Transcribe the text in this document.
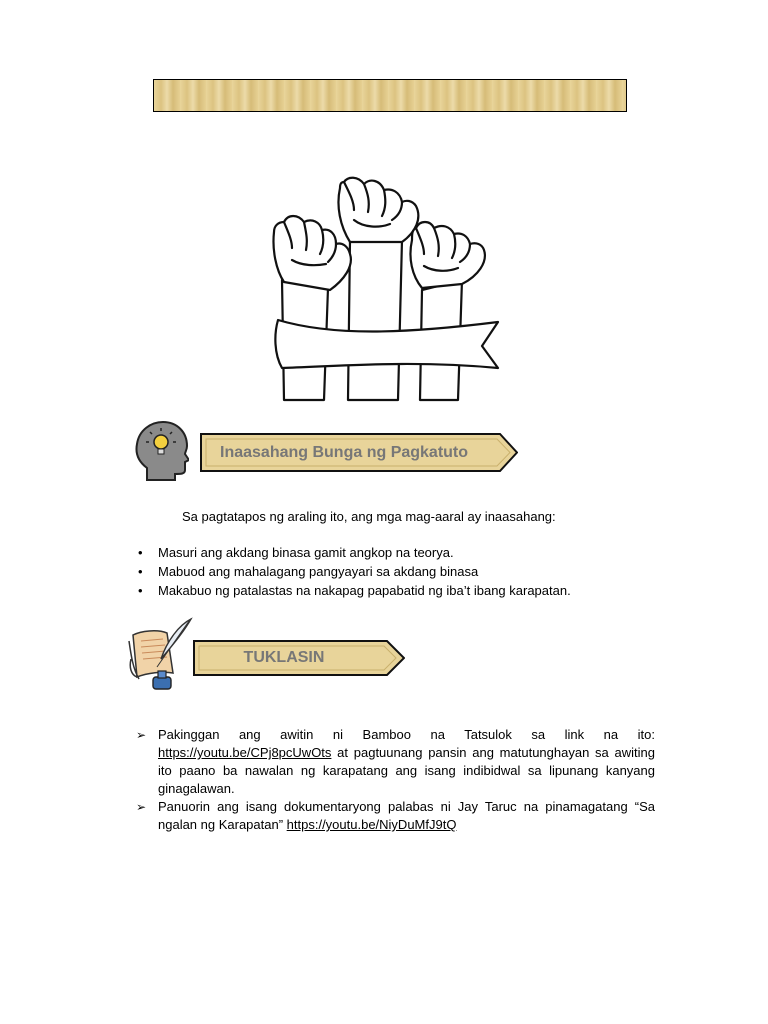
Inaasahang Bunga ng Pagkatuto
Sa pagtatapos ng araling ito, ang mga mag-aaral ay inaasahang:
• Masuri ang akdang binasa gamit angkop na teorya.
• Mabuod ang mahalagang pangyayari sa akdang binasa
• Makabuo ng patalastas na nakapag papabatid ng iba’t ibang karapatan.
TUKLASIN
➢ Pakinggan ang awitin ni Bamboo na Tatsulok sa link na ito: https://youtu.be/CPj8pcUwOts at pagtuunang pansin ang matutunghayan sa awiting ito paano ba nawalan ng karapatang ang isang indibidwal sa lipunang kanyang ginagalawan.
➢ Panuorin ang isang dokumentaryong palabas ni Jay Taruc na pinamagatang “Sa ngalan ng Karapatan” https://youtu.be/NiyDuMfJ9tQ
